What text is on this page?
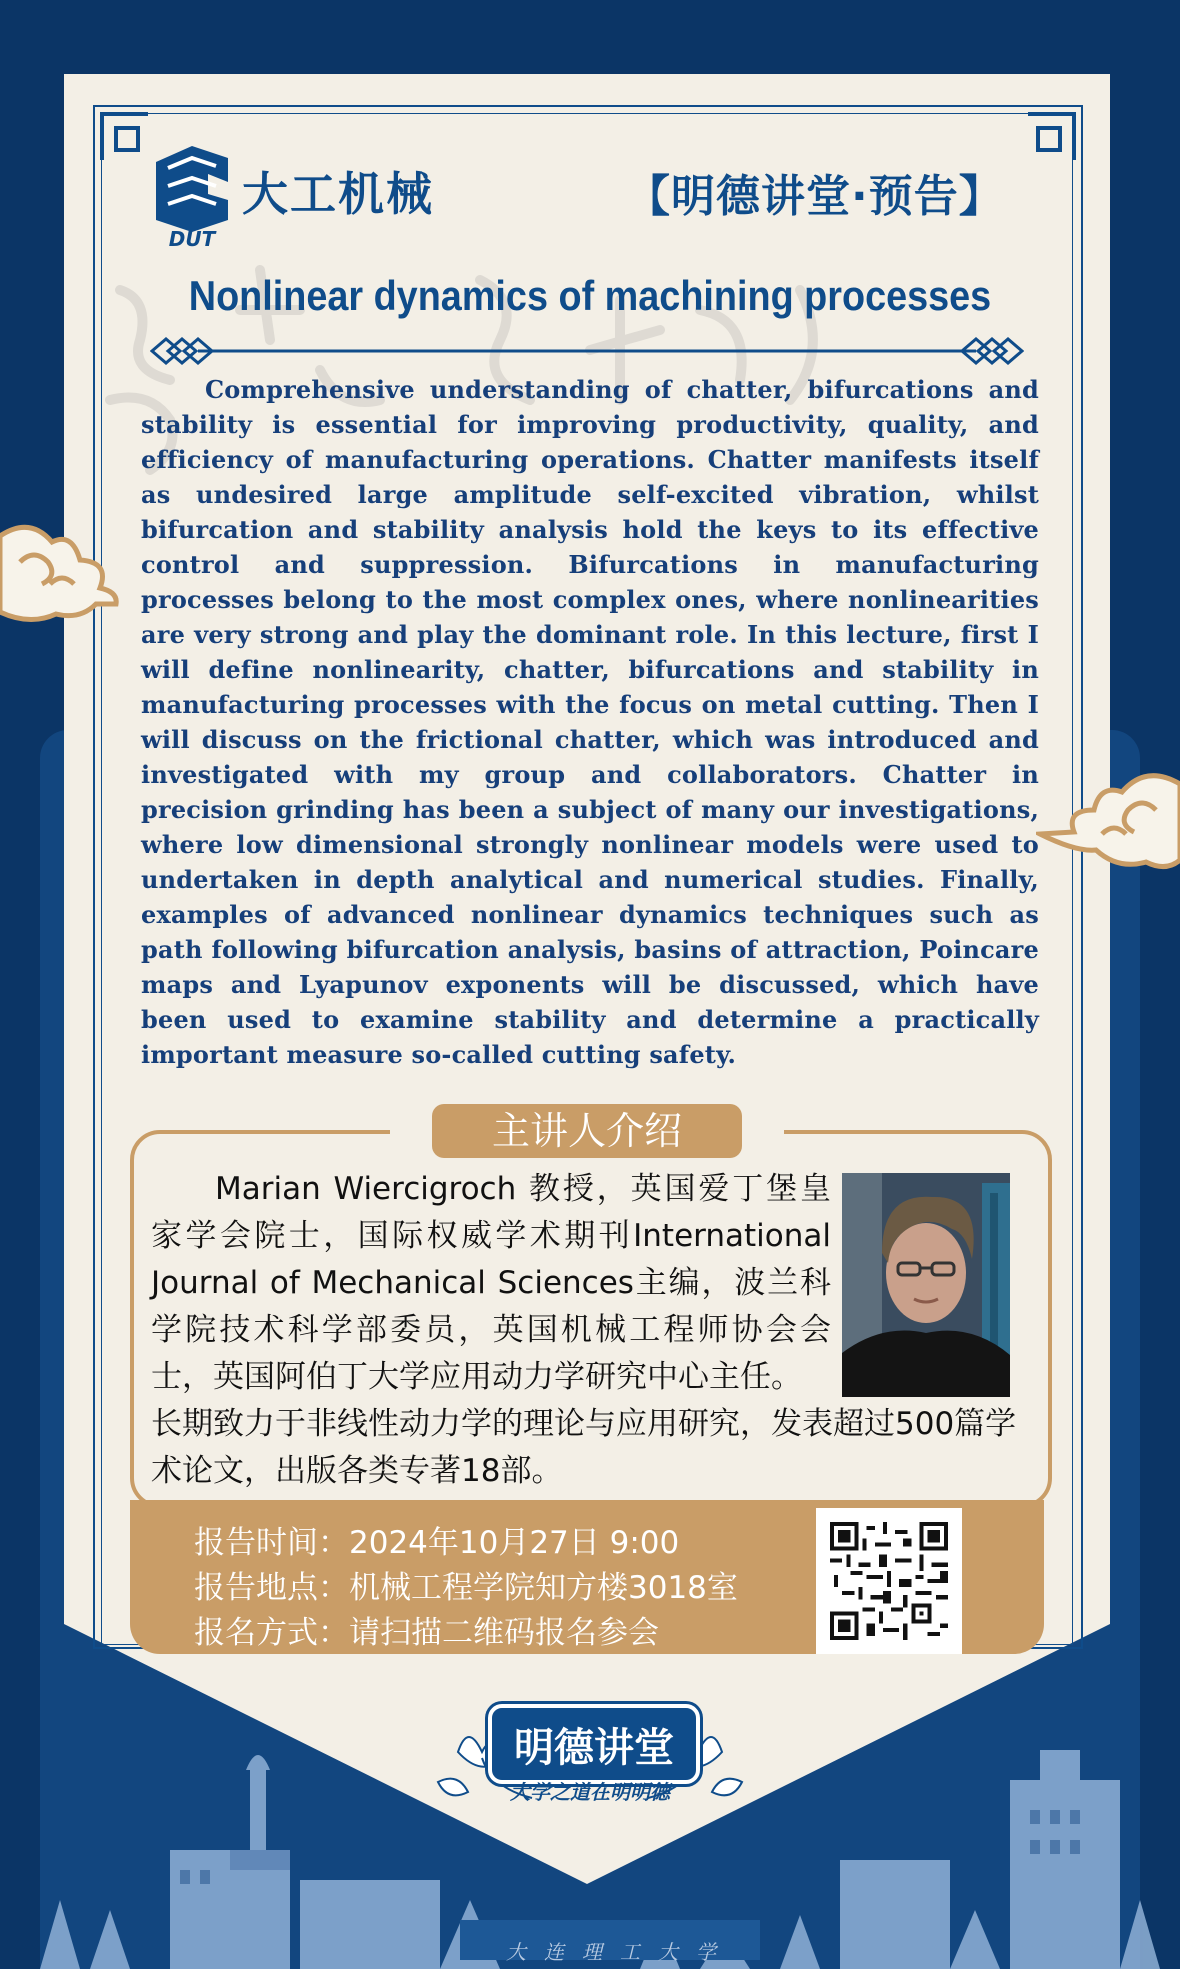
DUT
大工机械	【明德讲堂·预告】
Nonlinear dynamics of machining processes
Comprehensive understanding of chatter, bifurcations and stability is essential for improving productivity, quality, and efficiency of manufacturing operations. Chatter manifests itself as undesired large amplitude self-excited vibration, whilst bifurcation and stability analysis hold the keys to its effective control and suppression. Bifurcations in manufacturing processes belong to the most complex ones, where nonlinearities are very strong and play the dominant role. In this lecture, first I will define nonlinearity, chatter, bifurcations and stability in manufacturing processes with the focus on metal cutting. Then I will discuss on the frictional chatter, which was introduced and investigated with my group and collaborators. Chatter in precision grinding has been a subject of many our investigations, where low dimensional strongly nonlinear models were used to undertaken in depth analytical and numerical studies. Finally, examples of advanced nonlinear dynamics techniques such as path following bifurcation analysis, basins of attraction, Poincare maps and Lyapunov exponents will be discussed, which have been used to examine stability and determine a practically important measure so-called cutting safety.
主讲人介绍
Marian Wiercigroch 教授，英国爱丁堡皇家学会院士，国际权威学术期刊International Journal of Mechanical Sciences主编，波兰科学院技术科学部委员，英国机械工程师协会会士，英国阿伯丁大学应用动力学研究中心主任。
长期致力于非线性动力学的理论与应用研究，发表超过500篇学术论文，出版各类专著18部。
报告时间：2024年10月27日 9:00
报告地点：机械工程学院知方楼3018室
报名方式：请扫描二维码报名参会
大连理工大学
明德讲堂
大学之道在明明德
